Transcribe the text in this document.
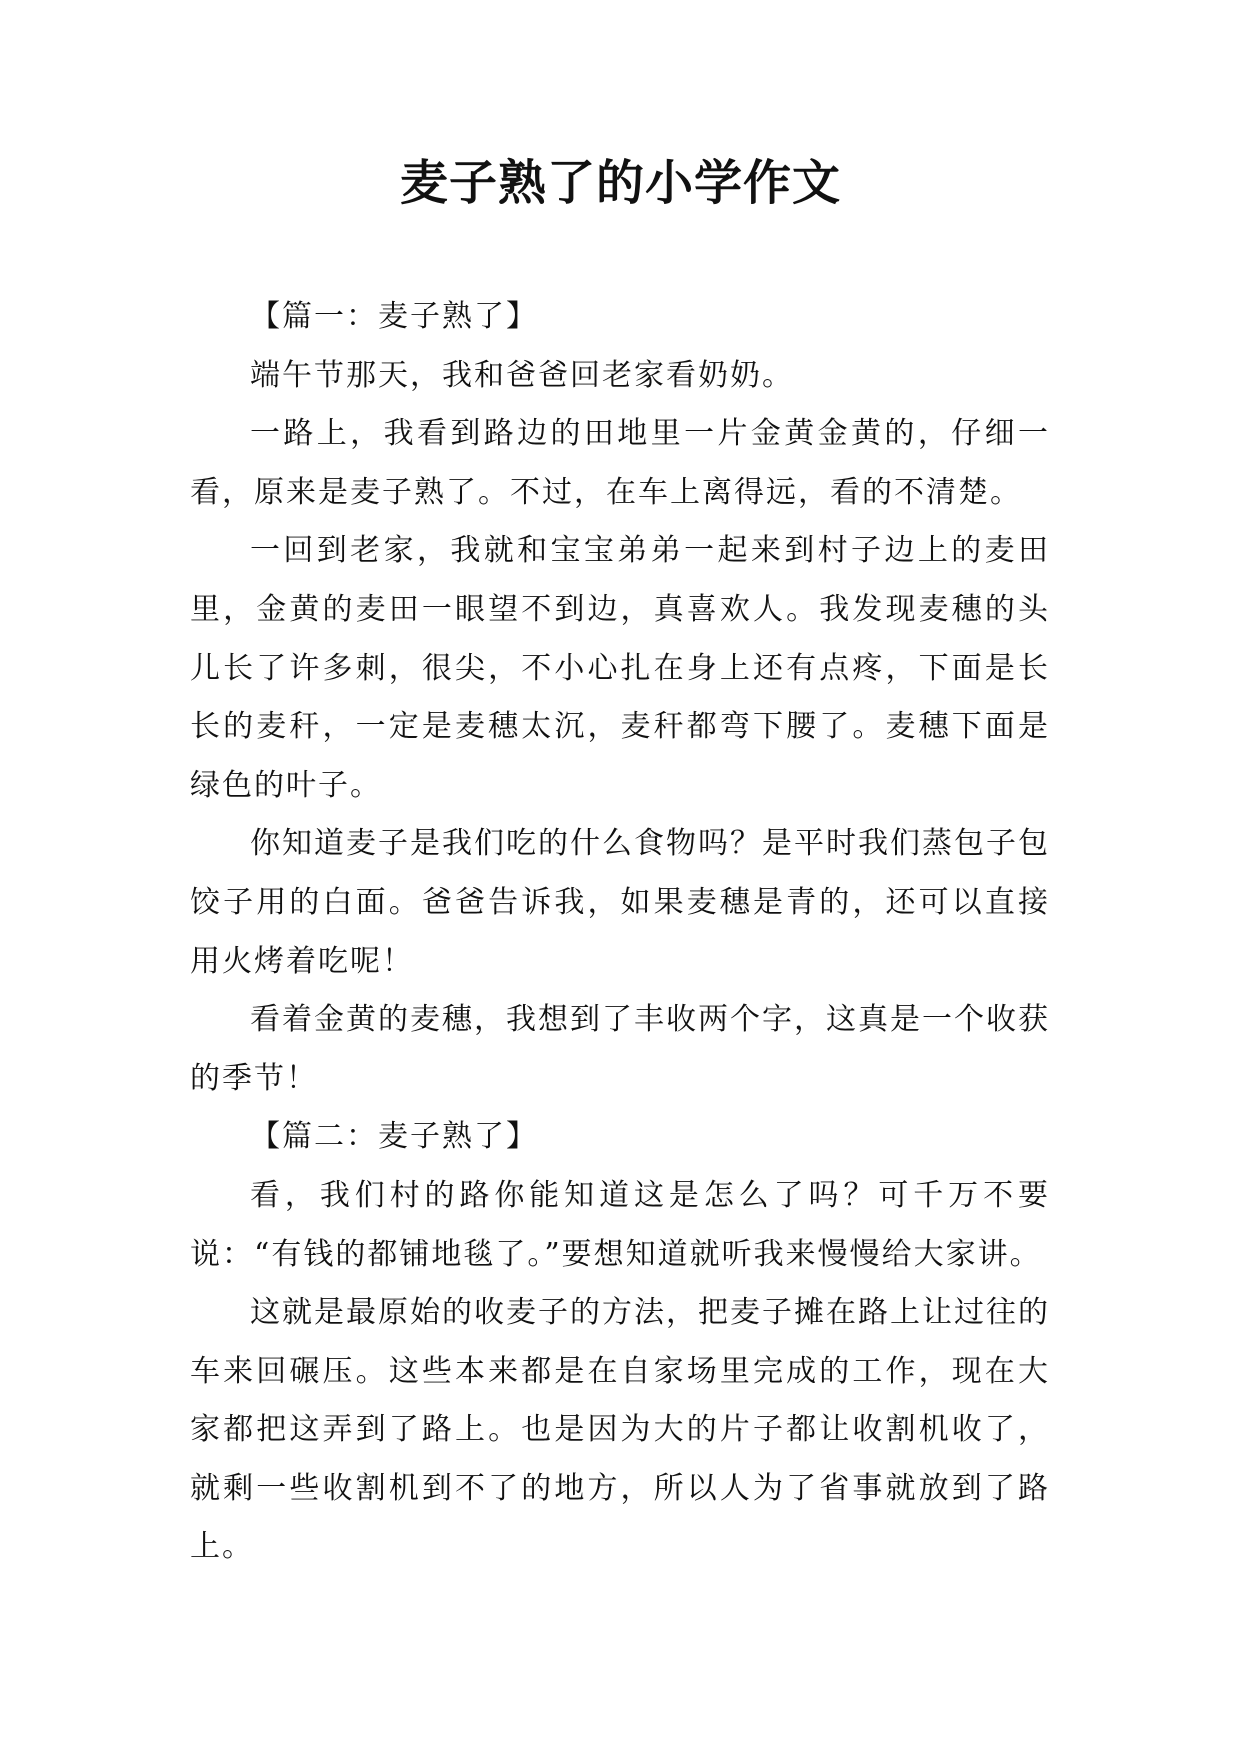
麦子熟了的小学作文

【篇一：麦子熟了】

端午节那天，我和爸爸回老家看奶奶。

一路上，我看到路边的田地里一片金黄金黄的，仔细一看，原来是麦子熟了。不过，在车上离得远，看的不清楚。

一回到老家，我就和宝宝弟弟一起来到村子边上的麦田里，金黄的麦田一眼望不到边，真喜欢人。我发现麦穗的头儿长了许多刺，很尖，不小心扎在身上还有点疼，下面是长长的麦秆，一定是麦穗太沉，麦秆都弯下腰了。麦穗下面是绿色的叶子。

你知道麦子是我们吃的什么食物吗？是平时我们蒸包子包饺子用的白面。爸爸告诉我，如果麦穗是青的，还可以直接用火烤着吃呢！

看着金黄的麦穗，我想到了丰收两个字，这真是一个收获的季节！

【篇二：麦子熟了】

看，我们村的路你能知道这是怎么了吗？可千万不要说：“有钱的都铺地毯了。”要想知道就听我来慢慢给大家讲。

这就是最原始的收麦子的方法，把麦子摊在路上让过往的车来回碾压。这些本来都是在自家场里完成的工作，现在大家都把这弄到了路上。也是因为大的片子都让收割机收了，就剩一些收割机到不了的地方，所以人为了省事就放到了路上。
